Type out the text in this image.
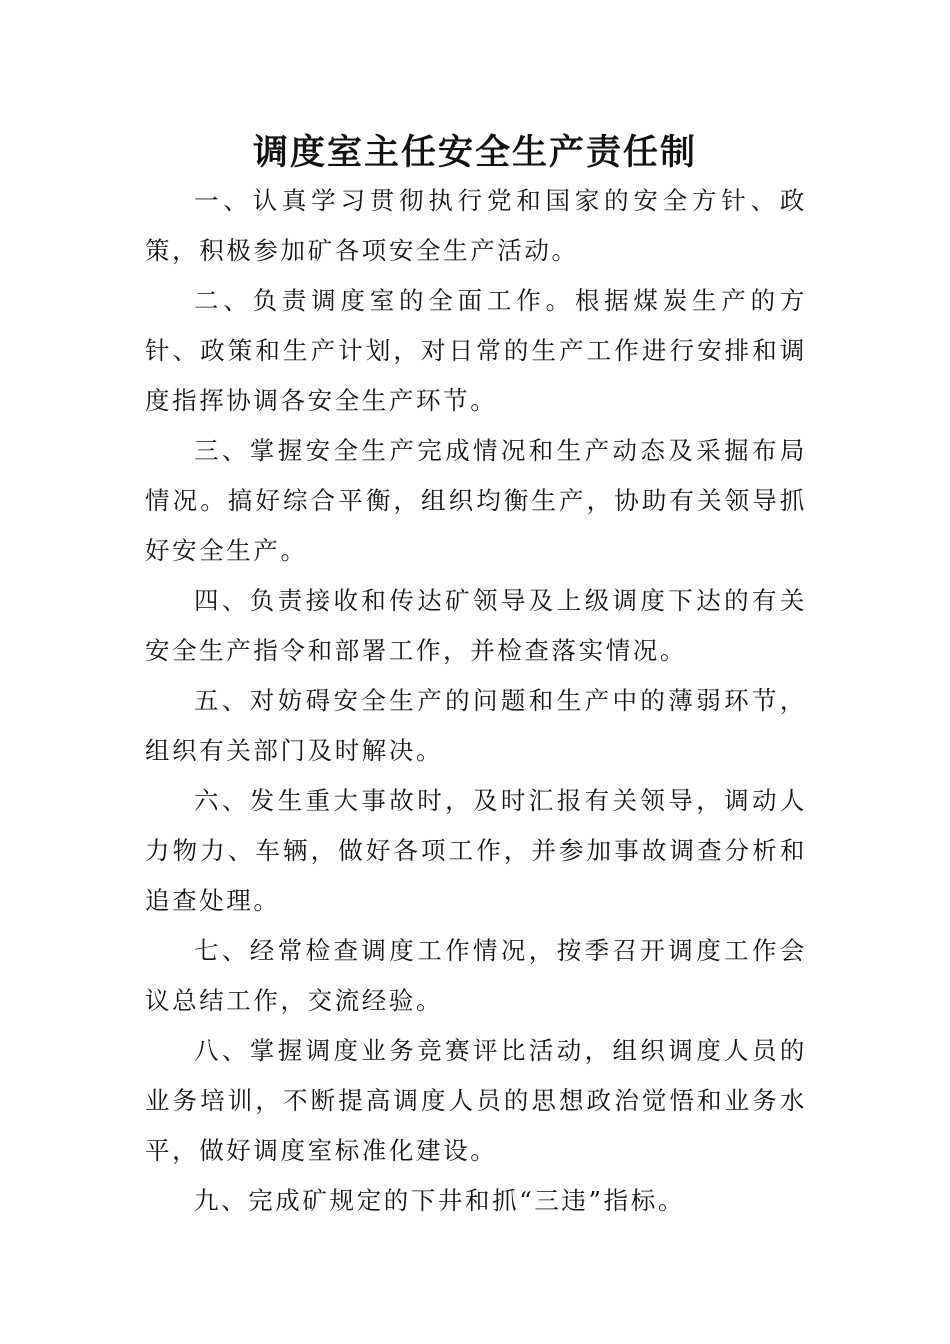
调度室主任安全生产责任制

一、认真学习贯彻执行党和国家的安全方针、政策，积极参加矿各项安全生产活动。

二、负责调度室的全面工作。根据煤炭生产的方针、政策和生产计划，对日常的生产工作进行安排和调度指挥协调各安全生产环节。

三、掌握安全生产完成情况和生产动态及采掘布局情况。搞好综合平衡，组织均衡生产，协助有关领导抓好安全生产。

四、负责接收和传达矿领导及上级调度下达的有关安全生产指令和部署工作，并检查落实情况。

五、对妨碍安全生产的问题和生产中的薄弱环节，组织有关部门及时解决。

六、发生重大事故时，及时汇报有关领导，调动人力物力、车辆，做好各项工作，并参加事故调查分析和追查处理。

七、经常检查调度工作情况，按季召开调度工作会议总结工作，交流经验。

八、掌握调度业务竞赛评比活动，组织调度人员的业务培训，不断提高调度人员的思想政治觉悟和业务水平，做好调度室标准化建设。

九、完成矿规定的下井和抓“三违”指标。
